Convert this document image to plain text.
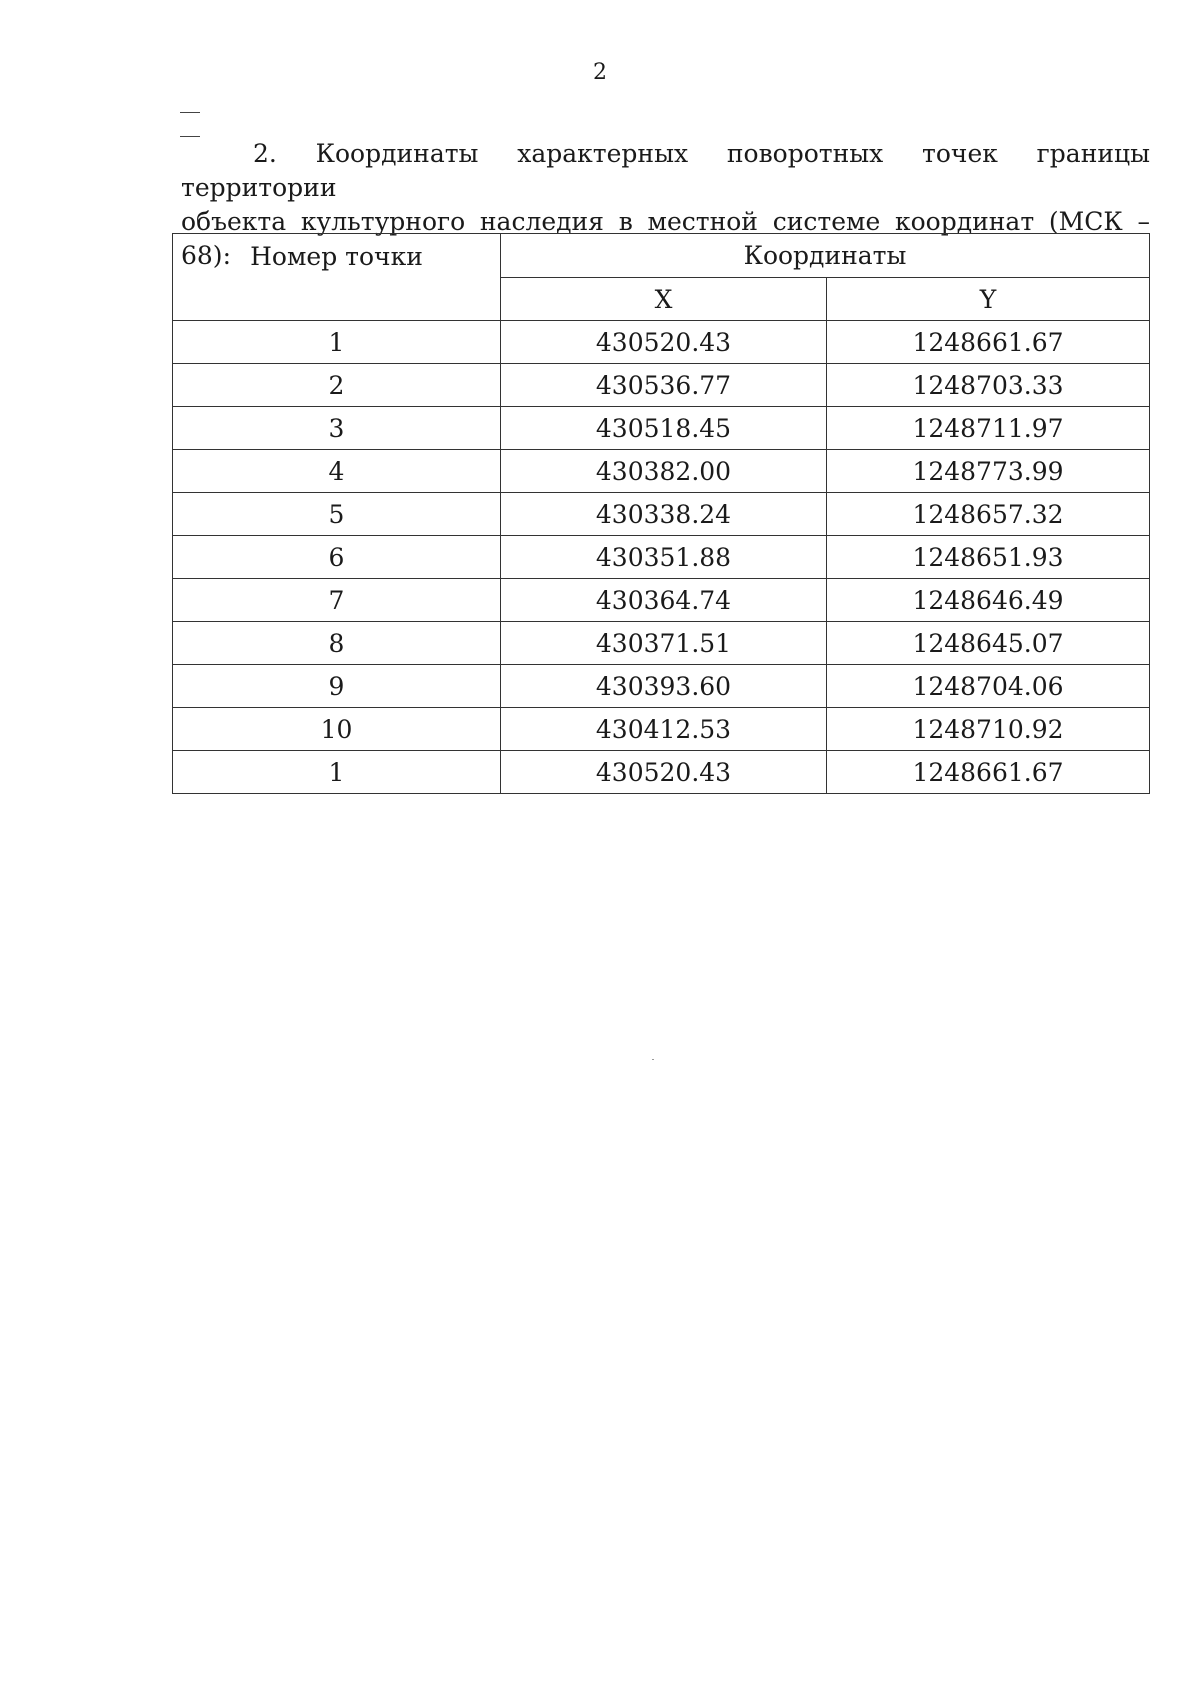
2
2. Координаты характерных поворотных точек границы территории
объекта культурного наследия в местной системе координат (МСК – 68): Номер точки	Координаты	
	X	Y
1	430520.43	1248661.67
2	430536.77	1248703.33
3	430518.45	1248711.97
4	430382.00	1248773.99
5	430338.24	1248657.32
6	430351.88	1248651.93
7	430364.74	1248646.49
8	430371.51	1248645.07
9	430393.60	1248704.06
10	430412.53	1248710.92
1	430520.43	1248661.67
